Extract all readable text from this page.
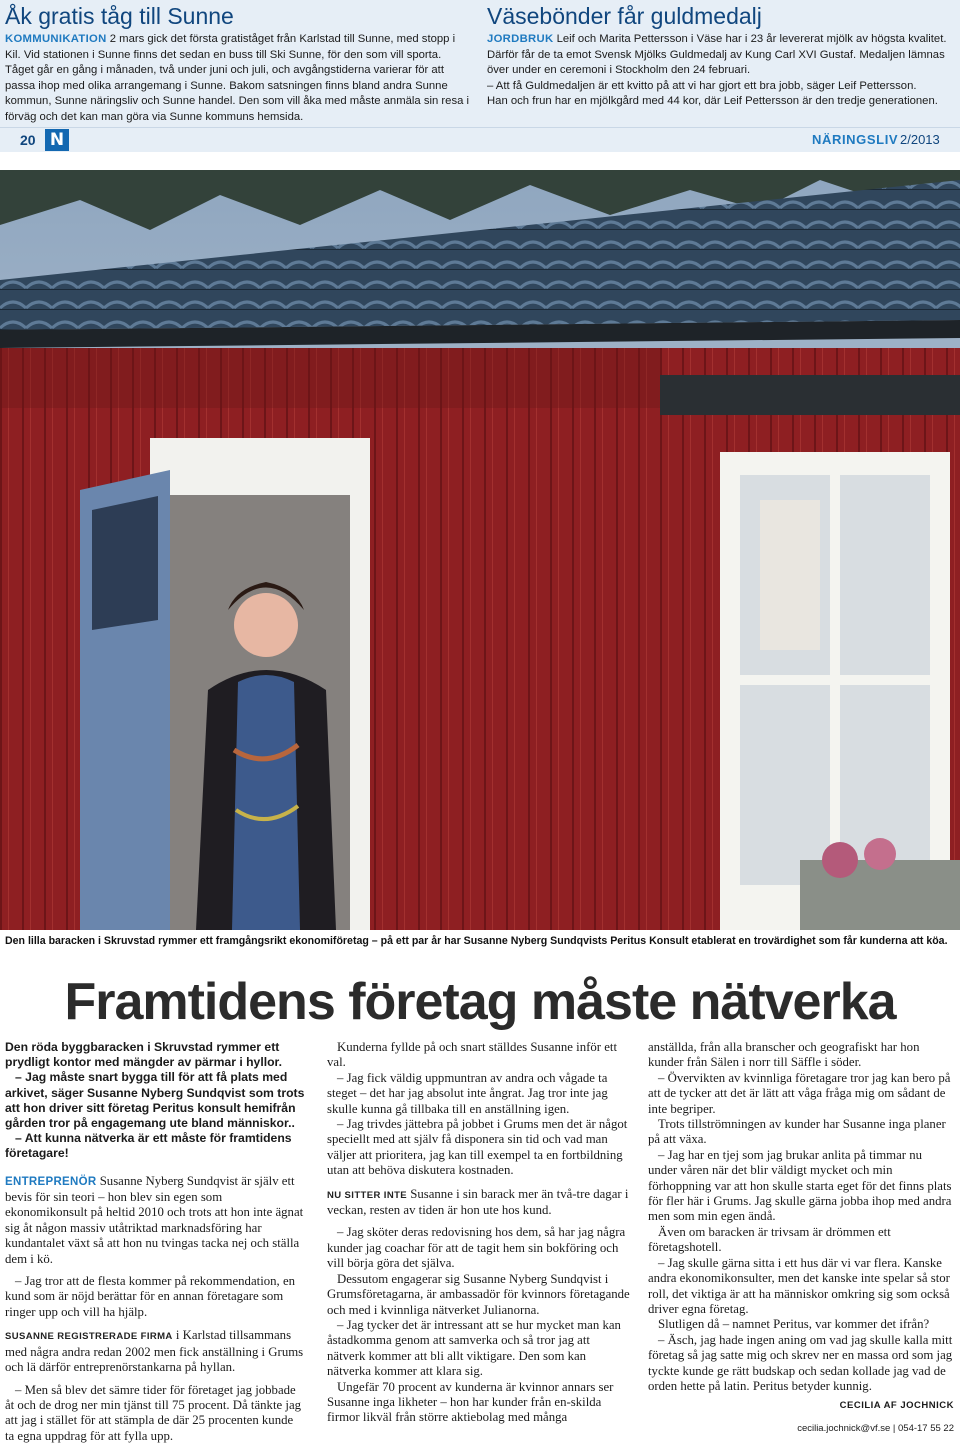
Åk gratis tåg till Sunne

KOMMUNIKATION 2 mars gick det första gratiståget från Karlstad till Sunne, med stopp i Kil. Vid stationen i Sunne finns det sedan en buss till Ski Sunne, för den som vill sporta. Tåget går en gång i månaden, två under juni och juli, och avgångstiderna varierar för att passa ihop med olika arrangemang i Sunne. Bakom satsningen finns bland andra Sunne kommun, Sunne näringsliv och Sunne handel. Den som vill åka med måste anmäla sin resa i förväg och det kan man göra via Sunne kommuns hemsida.

Väsebönder får guldmedalj

JORDBRUK Leif och Marita Pettersson i Väse har i 23 år levererat mjölk av högsta kvalitet. Därför får de ta emot Svensk Mjölks Guldmedalj av Kung Carl XVI Gustaf. Medaljen lämnas över under en ceremoni i Stockholm den 24 februari.
– Att få Guldmedaljen är ett kvitto på att vi har gjort ett bra jobb, säger Leif Pettersson.
Han och frun har en mjölkgård med 44 kor, där Leif Pettersson är den tredje generationen.

20 N	NÄRINGSLIV 2/2013

Den lilla baracken i Skruvstad rymmer ett framgångsrikt ekonomiföretag – på ett par år har Susanne Nyberg Sundqvists Peritus Konsult etablerat en trovärdighet som får kunderna att köa.

Framtidens företag måste nätverka

Den röda byggbaracken i Skruvstad rymmer ett prydligt kontor med mängder av pärmar i hyllor.
– Jag måste snart bygga till för att få plats med arkivet, säger Susanne Nyberg Sundqvist som trots att hon driver sitt företag Peritus konsult hemifrån gården tror på engagemang ute bland människor..
– Att kunna nätverka är ett måste för framtidens företagare!

ENTREPRENÖR Susanne Nyberg Sundqvist är själv ett bevis för sin teori – hon blev sin egen som ekonomikonsult på heltid 2010 och trots att hon inte ägnat sig åt någon massiv utåtriktad marknadsföring har kundantalet växt så att hon nu tvingas tacka nej och ställa dem i kö.

– Jag tror att de flesta kommer på rekommendation, en kund som är nöjd berättar för en annan företagare som ringer upp och vill ha hjälp.

SUSANNE REGISTRERADE FIRMA i Karlstad tillsammans med några andra redan 2002 men fick anställning i Grums och lä därför entreprenörstankarna på hyllan.

– Men så blev det sämre tider för företaget jag jobbade åt och de drog ner min tjänst till 75 procent. Då tänkte jag att jag i stället för att stämpla de där 25 procenten kunde ta egna uppdrag för att fylla upp.

Kunderna fyllde på och snart ställdes Susanne inför ett val.

– Jag fick väldig uppmuntran av andra och vågade ta steget – det har jag absolut inte ångrat. Jag tror inte jag skulle kunna gå tillbaka till en anställning igen.

– Jag trivdes jättebra på jobbet i Grums men det är något speciellt med att själv få disponera sin tid och vad man väljer att prioritera, jag kan till exempel ta en fortbildning utan att behöva diskutera kostnaden.

NU SITTER INTE Susanne i sin barack mer än två-tre dagar i veckan, resten av tiden är hon ute hos kund.

– Jag sköter deras redovisning hos dem, så har jag några kunder jag coachar för att de tagit hem sin bokföring och vill börja göra det själva.

Dessutom engagerar sig Susanne Nyberg Sundqvist i Grumsföretagarna, är ambassadör för kvinnors företagande och med i kvinnliga nätverket Julianorna.

– Jag tycker det är intressant att se hur mycket man kan åstadkomma genom att samverka och så tror jag att nätverk kommer att bli allt viktigare. Den som kan nätverka kommer att klara sig.

Ungefär 70 procent av kunderna är kvinnor annars ser Susanne inga likheter – hon har kunder från en-skilda firmor likväl från större aktiebolag med många

anställda, från alla branscher och geografiskt har hon kunder från Sälen i norr till Säffle i söder.

– Övervikten av kvinnliga företagare tror jag kan bero på att de tycker att det är lätt att våga fråga mig om sådant de inte begriper.

Trots tillströmningen av kunder har Susanne inga planer på att växa.

– Jag har en tjej som jag brukar anlita på timmar nu under våren när det blir väldigt mycket och min förhoppning var att hon skulle starta eget för det finns plats för fler här i Grums. Jag skulle gärna jobba ihop med andra men som min egen ändå.

Även om baracken är trivsam är drömmen ett företagshotell.

– Jag skulle gärna sitta i ett hus där vi var flera. Kanske andra ekonomikonsulter, men det kanske inte spelar så stor roll, det viktiga är att ha människor omkring sig som också driver egna företag.

Slutligen då – namnet Peritus, var kommer det ifrån?

– Äsch, jag hade ingen aning om vad jag skulle kalla mitt företag så jag satte mig och skrev ner en massa ord som jag tyckte kunde ge rätt budskap och sedan kollade jag vad de orden hette på latin. Peritus betyder kunnig.

CECILIA AF JOCHNICK

cecilia.jochnick@vf.se | 054-17 55 22
